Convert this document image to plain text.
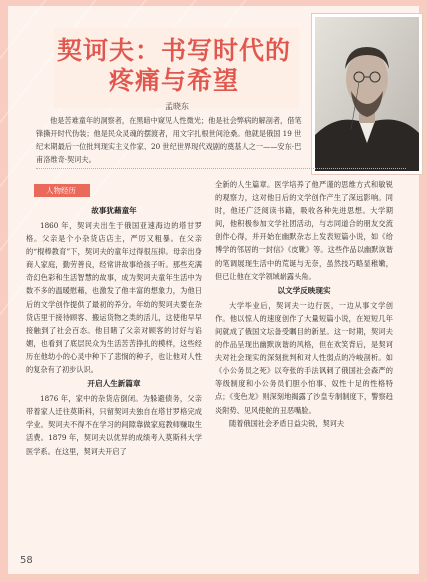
契诃夫：书写时代的
疼痛与希望
孟晓东
他是苦难童年的洞察者，在黑暗中窥见人性微光；他是社会弊病的解剖者，借笔锋撕开时代伪装；他是民众灵魂的摆渡者，用文字扎根世间沧桑。他就是俄国 19 世纪末期最后一位批判现实主义作家、20 世纪世界现代戏剧的奠基人之一——安东·巴甫洛维奇·契诃夫。
人物经历
故事犹藉童年

1860 年，契诃夫出生于俄国亚速海边的塔甘罗格。父亲是个小杂货店店主，严厉又粗暴。在父亲的“棍棒教育”下，契诃夫的童年过得很压抑。母亲出身商人家庭，勤劳善良，经常讲故事给孩子听。那些充满奇幻色彩和生活智慧的故事，成为契诃夫童年生活中为数不多的温暖慰藉，也激发了他丰富的想象力，为他日后的文学创作提供了最初的养分。年幼的契诃夫要在杂货店里干接待顾客、搬运货物之类的活儿，这使他早早接触到了社会百态。他目睹了父亲对顾客的讨好与谄媚，也看到了底层民众为生活苦苦挣扎的模样，这些经历在他幼小的心灵中种下了悲悯的种子，也让他对人性的复杂有了初步认识。

开启人生新篇章

1876 年，家中的杂货店倒闭。为躲避债务，父亲带着家人迁往莫斯科，只留契诃夫独自在塔甘罗格完成学业。契诃夫不得不在学习的间隙靠做家庭教师赚取生活费。1879 年，契诃夫以优异的成绩考入莫斯科大学医学系。在这里，契诃夫开启了

全新的人生篇章。医学培养了他严谨的思维方式和敏锐的观察力，这对他日后的文学创作产生了深远影响。同时，他还广泛阅读书籍，吸收各种先进思想。大学期间，他积极参加文学社团活动，与志同道合的朋友交流创作心得，并开始在幽默杂志上发表短篇小说，如《给博学的邻居的一封信》《皮靴》等。这些作品以幽默诙谐的笔调展现生活中的荒诞与无奈，虽然技巧略显稚嫩，但已让他在文学领域崭露头角。

以文学反映现实

大学毕业后，契诃夫一边行医，一边从事文学创作。他以惊人的速度创作了大量短篇小说，在短短几年间就成了俄国文坛备受瞩目的新星。这一时期，契诃夫的作品呈现出幽默诙谐的风格，但在欢笑背后，是契诃夫对社会现实的深刻批判和对人性弱点的冷峻剖析。如《小公务员之死》以夸张的手法讽刺了俄国社会森严的等级制度和小公务员们胆小怕事、奴性十足的性格特点；《变色龙》则深刻地揭露了沙皇专制制度下，警察趋炎附势、见风使舵的丑恶嘴脸。

随着俄国社会矛盾日益尖锐，契诃夫

58
